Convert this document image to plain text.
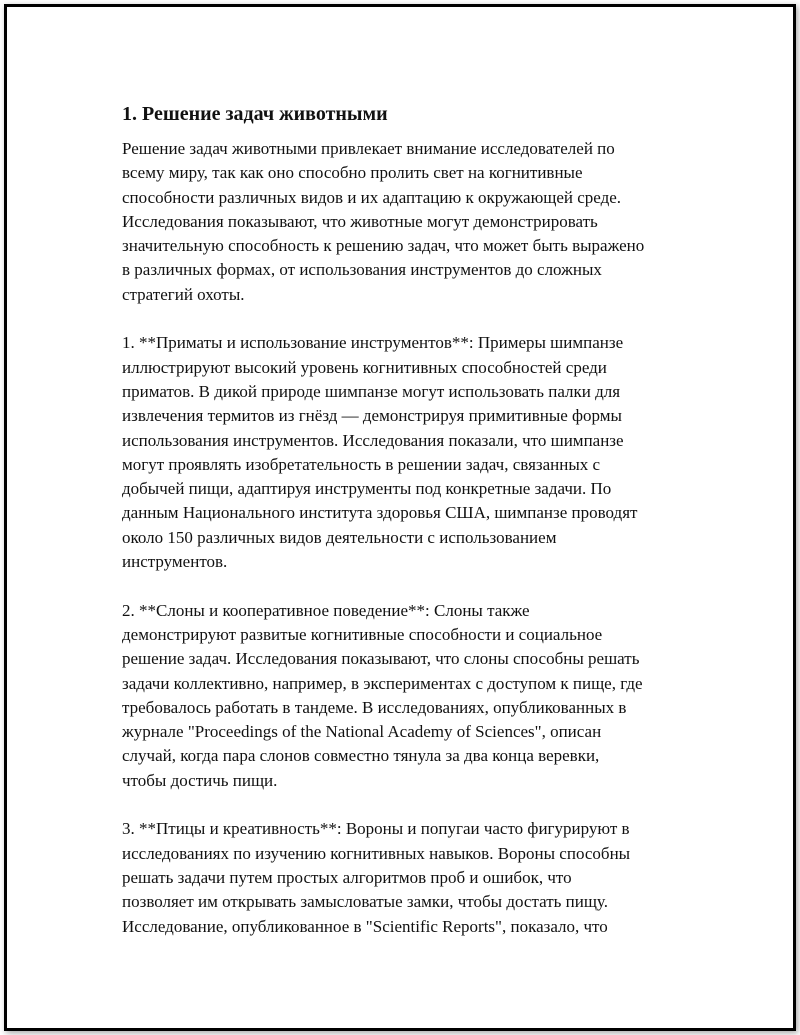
1. Решение задач животными
Решение задач животными привлекает внимание исследователей по
всему миру, так как оно способно пролить свет на когнитивные
способности различных видов и их адаптацию к окружающей среде.
Исследования показывают, что животные могут демонстрировать
значительную способность к решению задач, что может быть выражено
в различных формах, от использования инструментов до сложных
стратегий охоты.
1. **Приматы и использование инструментов**: Примеры шимпанзе
иллюстрируют высокий уровень когнитивных способностей среди
приматов. В дикой природе шимпанзе могут использовать палки для
извлечения термитов из гнёзд — демонстрируя примитивные формы
использования инструментов. Исследования показали, что шимпанзе
могут проявлять изобретательность в решении задач, связанных с
добычей пищи, адаптируя инструменты под конкретные задачи. По
данным Национального института здоровья США, шимпанзе проводят
около 150 различных видов деятельности с использованием
инструментов.
2. **Слоны и кооперативное поведение**: Слоны также
демонстрируют развитые когнитивные способности и социальное
решение задач. Исследования показывают, что слоны способны решать
задачи коллективно, например, в экспериментах с доступом к пище, где
требовалось работать в тандеме. В исследованиях, опубликованных в
журнале "Proceedings of the National Academy of Sciences", описан
случай, когда пара слонов совместно тянула за два конца веревки,
чтобы достичь пищи.
3. **Птицы и креативность**: Вороны и попугаи часто фигурируют в
исследованиях по изучению когнитивных навыков. Вороны способны
решать задачи путем простых алгоритмов проб и ошибок, что
позволяет им открывать замысловатые замки, чтобы достать пищу.
Исследование, опубликованное в "Scientific Reports", показало, что
